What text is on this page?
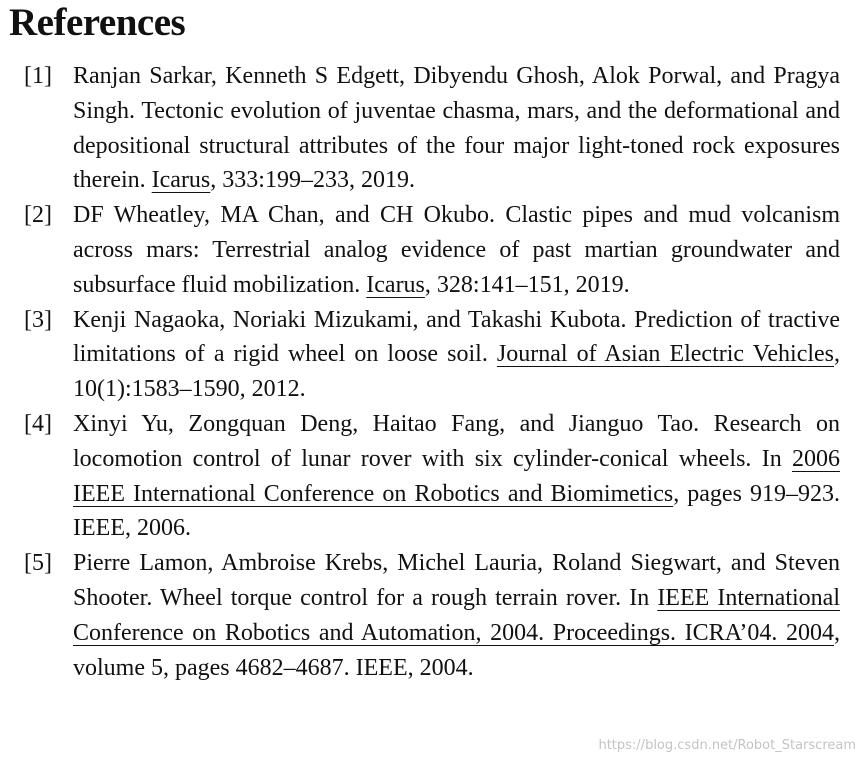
References
[1] Ranjan Sarkar, Kenneth S Edgett, Dibyendu Ghosh, Alok Porwal, and Pragya Singh. Tectonic evolution of juventae chasma, mars, and the deformational and depositional structural attributes of the four major light-toned rock exposures therein. Icarus, 333:199–233, 2019.
[2] DF Wheatley, MA Chan, and CH Okubo. Clastic pipes and mud volcanism across mars: Terrestrial analog evidence of past martian groundwater and subsurface fluid mobilization. Icarus, 328:141–151, 2019.
[3] Kenji Nagaoka, Noriaki Mizukami, and Takashi Kubota. Prediction of tractive limitations of a rigid wheel on loose soil. Journal of Asian Electric Vehicles, 10(1):1583–1590, 2012.
[4] Xinyi Yu, Zongquan Deng, Haitao Fang, and Jianguo Tao. Research on locomotion control of lunar rover with six cylinder-conical wheels. In 2006 IEEE International Conference on Robotics and Biomimetics, pages 919–923. IEEE, 2006.
[5] Pierre Lamon, Ambroise Krebs, Michel Lauria, Roland Siegwart, and Steven Shooter. Wheel torque control for a rough terrain rover. In IEEE International Conference on Robotics and Automation, 2004. Proceedings. ICRA’04. 2004, volume 5, pages 4682–4687. IEEE, 2004.
https://blog.csdn.net/Robot_Starscream
